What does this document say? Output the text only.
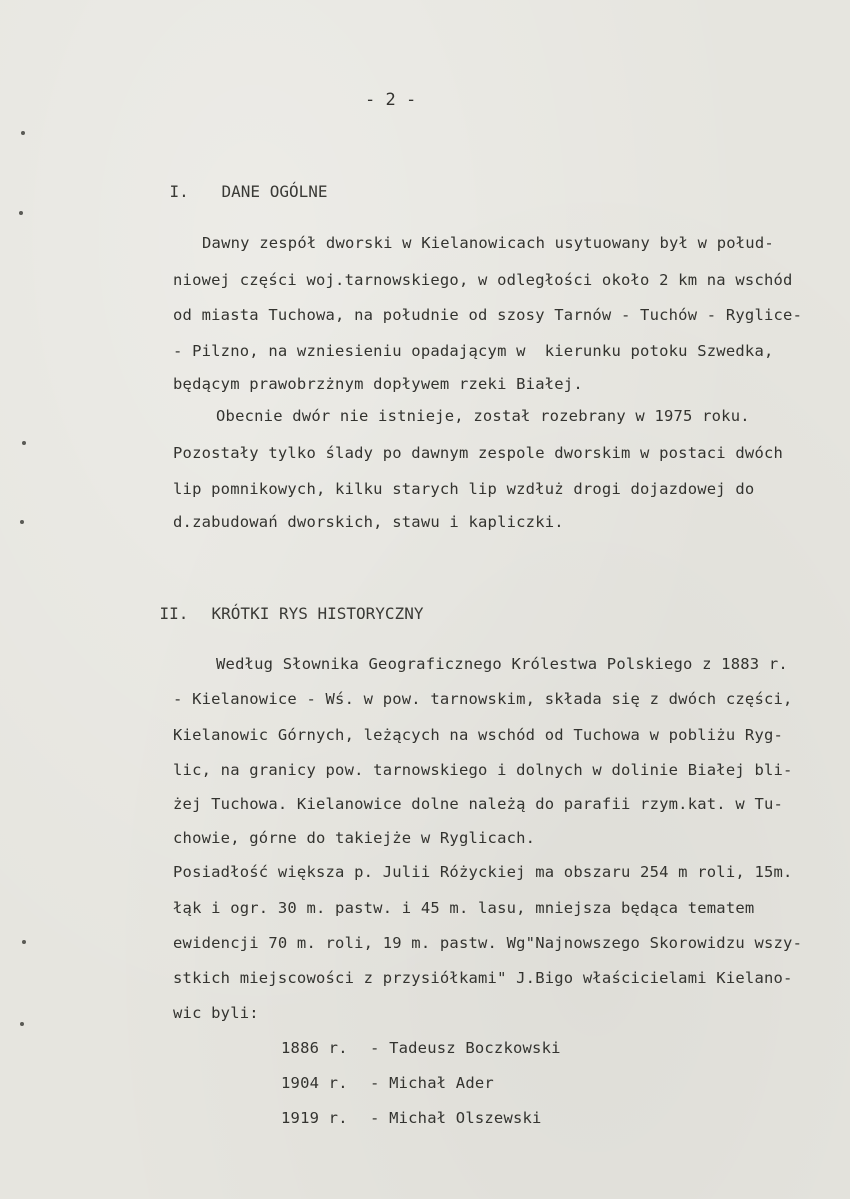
- 2 -

I. DANE OGÓLNE

Dawny zespół dworski w Kielanowicach usytuowany był w połud-
niowej części woj.tarnowskiego, w odległości około 2 km na wschód
od miasta Tuchowa, na południe od szosy Tarnów - Tuchów - Ryglice-
- Pilzno, na wzniesieniu opadającym w  kierunku potoku Szwedka,
będącym prawobrzżnym dopływem rzeki Białej.
Obecnie dwór nie istnieje, został rozebrany w 1975 roku.
Pozostały tylko ślady po dawnym zespole dworskim w postaci dwóch
lip pomnikowych, kilku starych lip wzdłuż drogi dojazdowej do
d.zabudowań dworskich, stawu i kapliczki.

II. KRÓTKI RYS HISTORYCZNY

Według Słownika Geograficznego Królestwa Polskiego z 1883 r.
- Kielanowice - Wś. w pow. tarnowskim, składa się z dwóch części,
Kielanowic Górnych, leżących na wschód od Tuchowa w pobliżu Ryg-
lic, na granicy pow. tarnowskiego i dolnych w dolinie Białej bli-
żej Tuchowa. Kielanowice dolne należą do parafii rzym.kat. w Tu-
chowie, górne do takiejże w Ryglicach.
Posiadłość większa p. Julii Różyckiej ma obszaru 254 m roli, 15m.
łąk i ogr. 30 m. pastw. i 45 m. lasu, mniejsza będąca tematem
ewidencji 70 m. roli, 19 m. pastw. Wg"Najnowszego Skorowidzu wszy-
stkich miejscowości z przysiółkami" J.Bigo właścicielami Kielano-
wic byli:
1886 r. - Tadeusz Boczkowski
1904 r. - Michał Ader
1919 r. - Michał Olszewski
